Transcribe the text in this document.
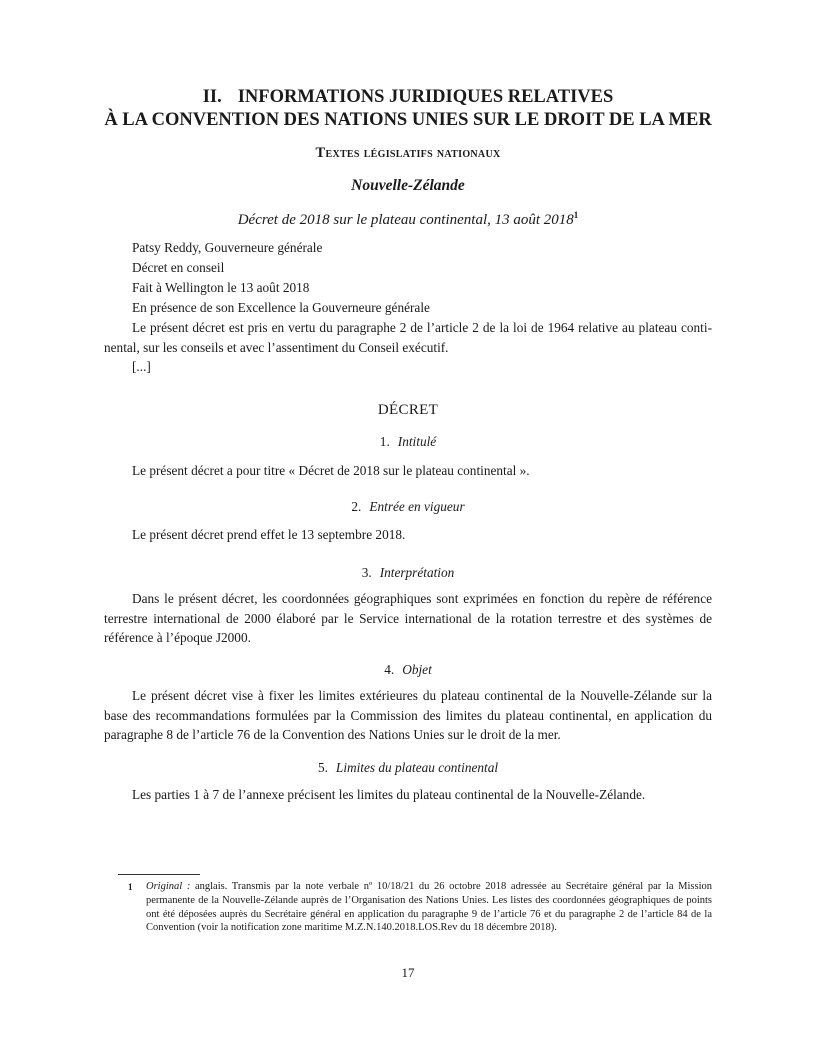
II. INFORMATIONS JURIDIQUES RELATIVES
À LA CONVENTION DES NATIONS UNIES SUR LE DROIT DE LA MER
Textes législatifs nationaux
Nouvelle-Zélande
Décret de 2018 sur le plateau continental, 13 août 2018$^1$

Patsy Reddy, Gouverneure générale

Décret en conseil

Fait à Wellington le 13 août 2018

En présence de son Excellence la Gouverneure générale

Le présent décret est pris en vertu du paragraphe 2 de l’article 2 de la loi de 1964 relative au plateau continental, sur les conseils et avec l’assentiment du Conseil exécutif.

[...]

DÉCRET
1. Intitulé

Le présent décret a pour titre « Décret de 2018 sur le plateau continental ».

2. Entrée en vigueur

Le présent décret prend effet le 13 septembre 2018.

3. Interprétation

Dans le présent décret, les coordonnées géographiques sont exprimées en fonction du repère de référence terrestre international de 2000 élaboré par le Service international de la rotation terrestre et des systèmes de référence à l’époque J2000.

4. Objet

Le présent décret vise à fixer les limites extérieures du plateau continental de la Nouvelle-Zélande sur la base des recommandations formulées par la Commission des limites du plateau continental, en application du paragraphe 8 de l’article 76 de la Convention des Nations Unies sur le droit de la mer.

5. Limites du plateau continental

Les parties 1 à 7 de l’annexe précisent les limites du plateau continental de la Nouvelle-Zélande.

1 Original : anglais. Transmis par la note verbale nº 10/18/21 du 26 octobre 2018 adressée au Secrétaire général par la Mission permanente de la Nouvelle-Zélande auprès de l’Organisation des Nations Unies. Les listes des coordonnées géographiques de points ont été déposées auprès du Secrétaire général en application du paragraphe 9 de l’article 76 et du paragraphe 2 de l’article 84 de la Convention (voir la notification zone maritime M.Z.N.140.2018.LOS.Rev du 18 décembre 2018).
17
